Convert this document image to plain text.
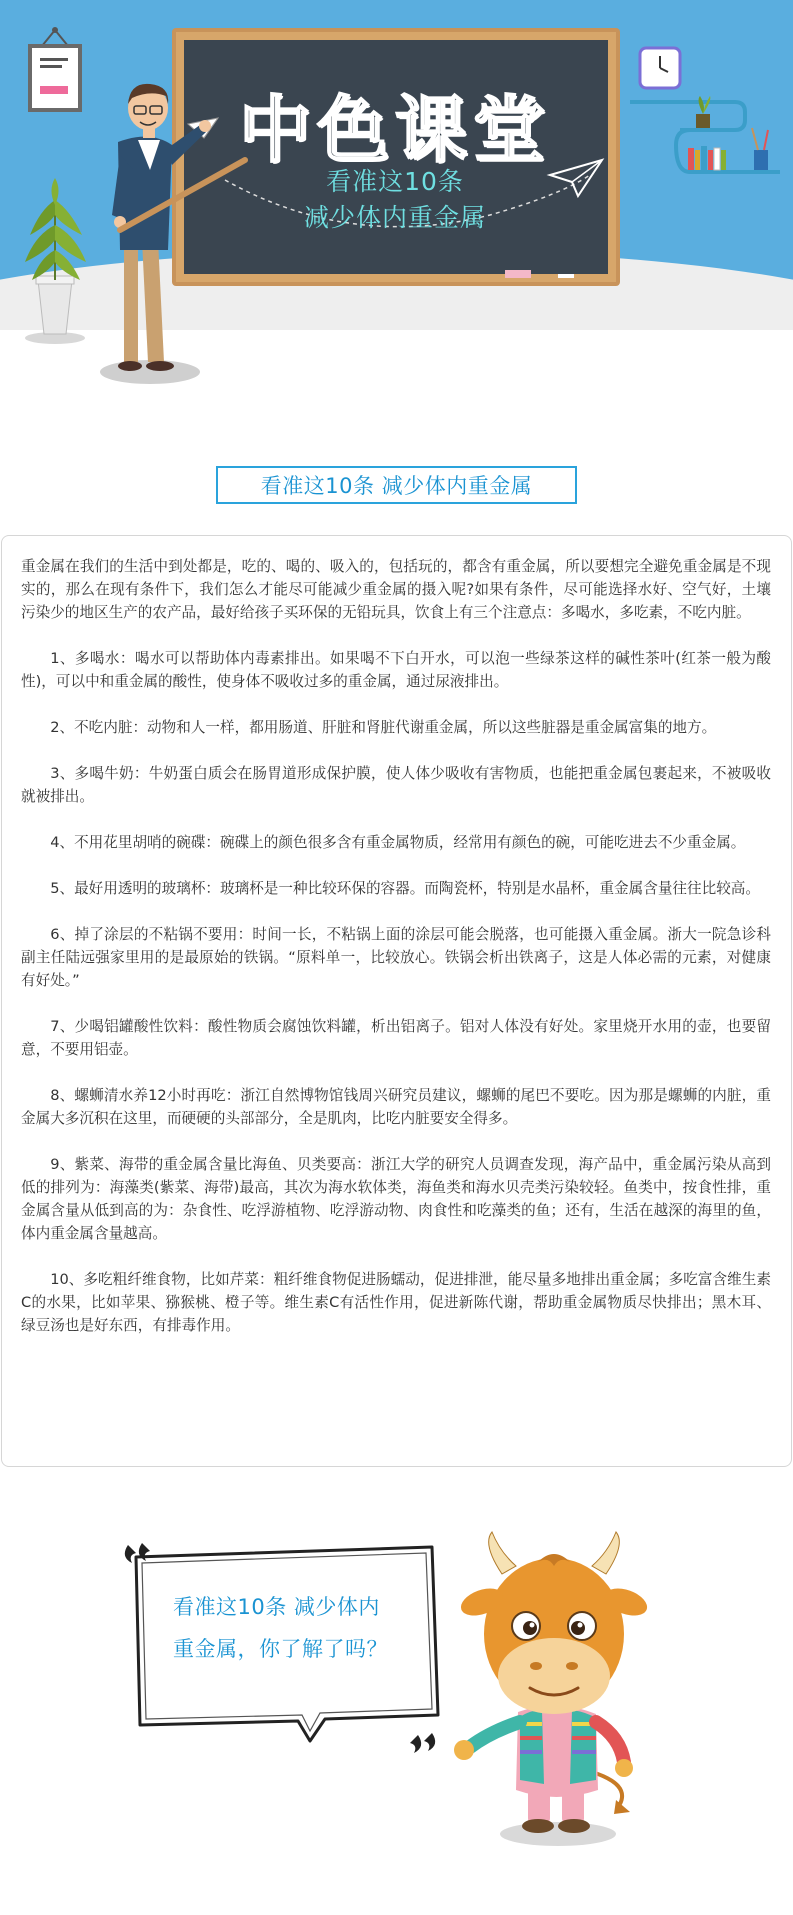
中色课堂
看准这10条
减少体内重金属
看准这10条 减少体内重金属

重金属在我们的生活中到处都是，吃的、喝的、吸入的，包括玩的，都含有重金属，所以要想完全避免重金属是不现实的，那么在现有条件下，我们怎么才能尽可能减少重金属的摄入呢?如果有条件，尽可能选择水好、空气好，土壤污染少的地区生产的农产品，最好给孩子买环保的无铅玩具，饮食上有三个注意点：多喝水，多吃素，不吃内脏。

1、多喝水：喝水可以帮助体内毒素排出。如果喝不下白开水，可以泡一些绿茶这样的碱性茶叶(红茶一般为酸性)，可以中和重金属的酸性，使身体不吸收过多的重金属，通过尿液排出。

2、不吃内脏：动物和人一样，都用肠道、肝脏和肾脏代谢重金属，所以这些脏器是重金属富集的地方。

3、多喝牛奶：牛奶蛋白质会在肠胃道形成保护膜，使人体少吸收有害物质，也能把重金属包裹起来，不被吸收就被排出。

4、不用花里胡哨的碗碟：碗碟上的颜色很多含有重金属物质，经常用有颜色的碗，可能吃进去不少重金属。

5、最好用透明的玻璃杯：玻璃杯是一种比较环保的容器。而陶瓷杯，特别是水晶杯，重金属含量往往比较高。

6、掉了涂层的不粘锅不要用：时间一长，不粘锅上面的涂层可能会脱落，也可能摄入重金属。浙大一院急诊科副主任陆远强家里用的是最原始的铁锅。“原料单一，比较放心。铁锅会析出铁离子，这是人体必需的元素，对健康有好处。”

7、少喝铝罐酸性饮料：酸性物质会腐蚀饮料罐，析出铝离子。铝对人体没有好处。家里烧开水用的壶，也要留意，不要用铝壶。

8、螺蛳清水养12小时再吃：浙江自然博物馆钱周兴研究员建议，螺蛳的尾巴不要吃。因为那是螺蛳的内脏，重金属大多沉积在这里，而硬硬的头部部分，全是肌肉，比吃内脏要安全得多。

9、紫菜、海带的重金属含量比海鱼、贝类要高：浙江大学的研究人员调查发现，海产品中，重金属污染从高到低的排列为：海藻类(紫菜、海带)最高，其次为海水软体类，海鱼类和海水贝壳类污染较轻。鱼类中，按食性排，重金属含量从低到高的为：杂食性、吃浮游植物、吃浮游动物、肉食性和吃藻类的鱼；还有，生活在越深的海里的鱼，体内重金属含量越高。

10、多吃粗纤维食物，比如芹菜：粗纤维食物促进肠蠕动，促进排泄，能尽量多地排出重金属；多吃富含维生素C的水果，比如苹果、猕猴桃、橙子等。维生素C有活性作用，促进新陈代谢，帮助重金属物质尽快排出；黑木耳、绿豆汤也是好东西，有排毒作用。

看准这10条 减少体内
重金属，你了解了吗？
